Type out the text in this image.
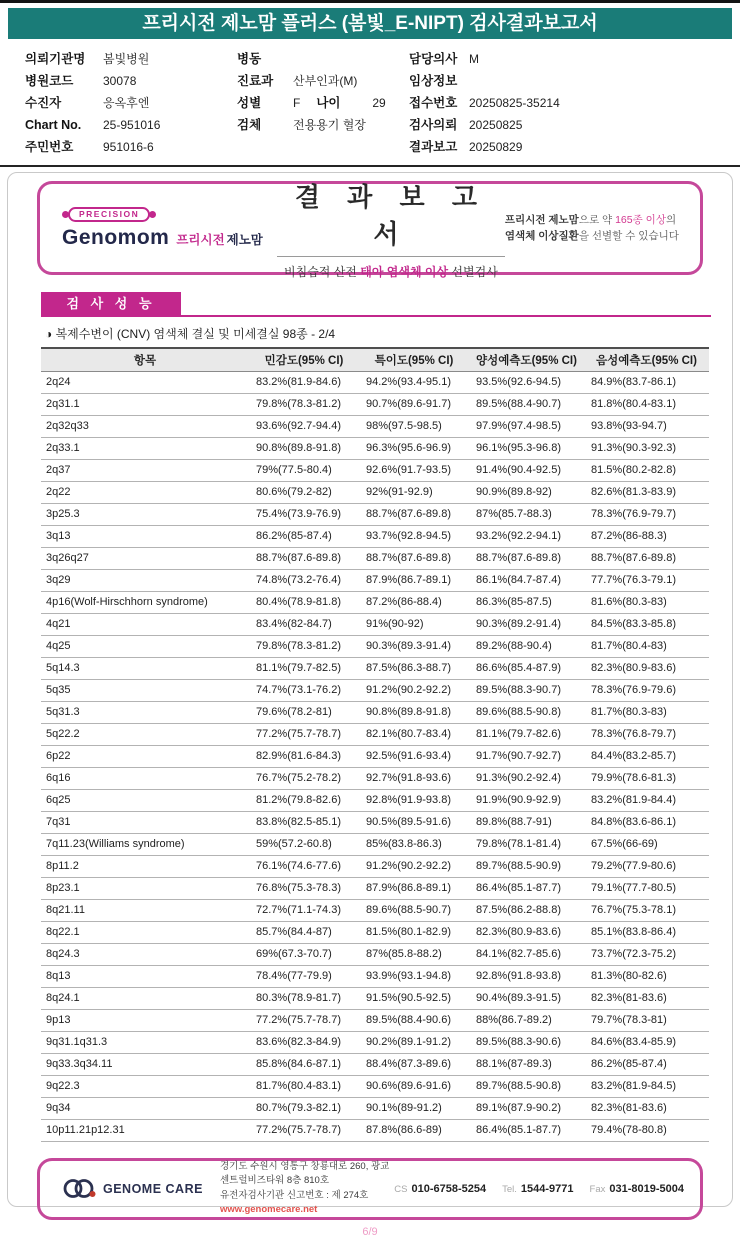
프리시전 제노맘 플러스 (봄빛_E-NIPT) 검사결과보고서
의뢰기관명 봄빛병원
병원코드 30078
수진자	응옥후엔
Chart No. 25-951016
주민번호 951016-6
병동
진료과 산부인과(M)
성별	F 나이	29
검체	전용용기 혈장
담당의사 M
임상정보
접수번호 20250825-35214
검사의뢰 20250825
결과보고 20250829
PRECISION
Genomom 프리시전 제노맘
결 과 보 고 서
비침습적 산전 태아 염색체 이상 선별검사
프리시전 제노맘으로 약 165종 이상의
염색체 이상질환을 선별할 수 있습니다
검 사 성 능
◑ 복제수변이 (CNV) 염색체 결실 및 미세결실 98종 - 2/4
항목	민감도(95% CI)	특이도(95% CI)	양성예측도(95% CI)	음성예측도(95% CI)
2q24	83.2%(81.9-84.6)	94.2%(93.4-95.1)	93.5%(92.6-94.5)	84.9%(83.7-86.1)
2q31.1	79.8%(78.3-81.2)	90.7%(89.6-91.7)	89.5%(88.4-90.7)	81.8%(80.4-83.1)
2q32q33	93.6%(92.7-94.4)	98%(97.5-98.5)	97.9%(97.4-98.5)	93.8%(93-94.7)
2q33.1	90.8%(89.8-91.8)	96.3%(95.6-96.9)	96.1%(95.3-96.8)	91.3%(90.3-92.3)
2q37	79%(77.5-80.4)	92.6%(91.7-93.5)	91.4%(90.4-92.5)	81.5%(80.2-82.8)
2q22	80.6%(79.2-82)	92%(91-92.9)	90.9%(89.8-92)	82.6%(81.3-83.9)
3p25.3	75.4%(73.9-76.9)	88.7%(87.6-89.8)	87%(85.7-88.3)	78.3%(76.9-79.7)
3q13	86.2%(85-87.4)	93.7%(92.8-94.5)	93.2%(92.2-94.1)	87.2%(86-88.3)
3q26q27	88.7%(87.6-89.8)	88.7%(87.6-89.8)	88.7%(87.6-89.8)	88.7%(87.6-89.8)
3q29	74.8%(73.2-76.4)	87.9%(86.7-89.1)	86.1%(84.7-87.4)	77.7%(76.3-79.1)
4p16(Wolf-Hirschhorn syndrome)	80.4%(78.9-81.8)	87.2%(86-88.4)	86.3%(85-87.5)	81.6%(80.3-83)
4q21	83.4%(82-84.7)	91%(90-92)	90.3%(89.2-91.4)	84.5%(83.3-85.8)
4q25	79.8%(78.3-81.2)	90.3%(89.3-91.4)	89.2%(88-90.4)	81.7%(80.4-83)
5q14.3	81.1%(79.7-82.5)	87.5%(86.3-88.7)	86.6%(85.4-87.9)	82.3%(80.9-83.6)
5q35	74.7%(73.1-76.2)	91.2%(90.2-92.2)	89.5%(88.3-90.7)	78.3%(76.9-79.6)
5q31.3	79.6%(78.2-81)	90.8%(89.8-91.8)	89.6%(88.5-90.8)	81.7%(80.3-83)
5q22.2	77.2%(75.7-78.7)	82.1%(80.7-83.4)	81.1%(79.7-82.6)	78.3%(76.8-79.7)
6p22	82.9%(81.6-84.3)	92.5%(91.6-93.4)	91.7%(90.7-92.7)	84.4%(83.2-85.7)
6q16	76.7%(75.2-78.2)	92.7%(91.8-93.6)	91.3%(90.2-92.4)	79.9%(78.6-81.3)
6q25	81.2%(79.8-82.6)	92.8%(91.9-93.8)	91.9%(90.9-92.9)	83.2%(81.9-84.4)
7q31	83.8%(82.5-85.1)	90.5%(89.5-91.6)	89.8%(88.7-91)	84.8%(83.6-86.1)
7q11.23(Williams syndrome)	59%(57.2-60.8)	85%(83.8-86.3)	79.8%(78.1-81.4)	67.5%(66-69)
8p11.2	76.1%(74.6-77.6)	91.2%(90.2-92.2)	89.7%(88.5-90.9)	79.2%(77.9-80.6)
8p23.1	76.8%(75.3-78.3)	87.9%(86.8-89.1)	86.4%(85.1-87.7)	79.1%(77.7-80.5)
8q21.11	72.7%(71.1-74.3)	89.6%(88.5-90.7)	87.5%(86.2-88.8)	76.7%(75.3-78.1)
8q22.1	85.7%(84.4-87)	81.5%(80.1-82.9)	82.3%(80.9-83.6)	85.1%(83.8-86.4)
8q24.3	69%(67.3-70.7)	87%(85.8-88.2)	84.1%(82.7-85.6)	73.7%(72.3-75.2)
8q13	78.4%(77-79.9)	93.9%(93.1-94.8)	92.8%(91.8-93.8)	81.3%(80-82.6)
8q24.1	80.3%(78.9-81.7)	91.5%(90.5-92.5)	90.4%(89.3-91.5)	82.3%(81-83.6)
9p13	77.2%(75.7-78.7)	89.5%(88.4-90.6)	88%(86.7-89.2)	79.7%(78.3-81)
9q31.1q31.3	83.6%(82.3-84.9)	90.2%(89.1-91.2)	89.5%(88.3-90.6)	84.6%(83.4-85.9)
9q33.3q34.11	85.8%(84.6-87.1)	88.4%(87.3-89.6)	88.1%(87-89.3)	86.2%(85-87.4)
9q22.3	81.7%(80.4-83.1)	90.6%(89.6-91.6)	89.7%(88.5-90.8)	83.2%(81.9-84.5)
9q34	80.7%(79.3-82.1)	90.1%(89-91.2)	89.1%(87.9-90.2)	82.3%(81-83.6)
10p11.21p12.31	77.2%(75.7-78.7)	87.8%(86.6-89)	86.4%(85.1-87.7)	79.4%(78-80.8)
GENOME CARE
경기도 수원시 영통구 창룡대로 260, 광교 센트럴비즈타워 8층 810호
유전자검사기관 신고번호 : 제 274호
www.genomecare.net
CS 010-6758-5254 Tel. 1544-9771 Fax 031-8019-5004
6/9
